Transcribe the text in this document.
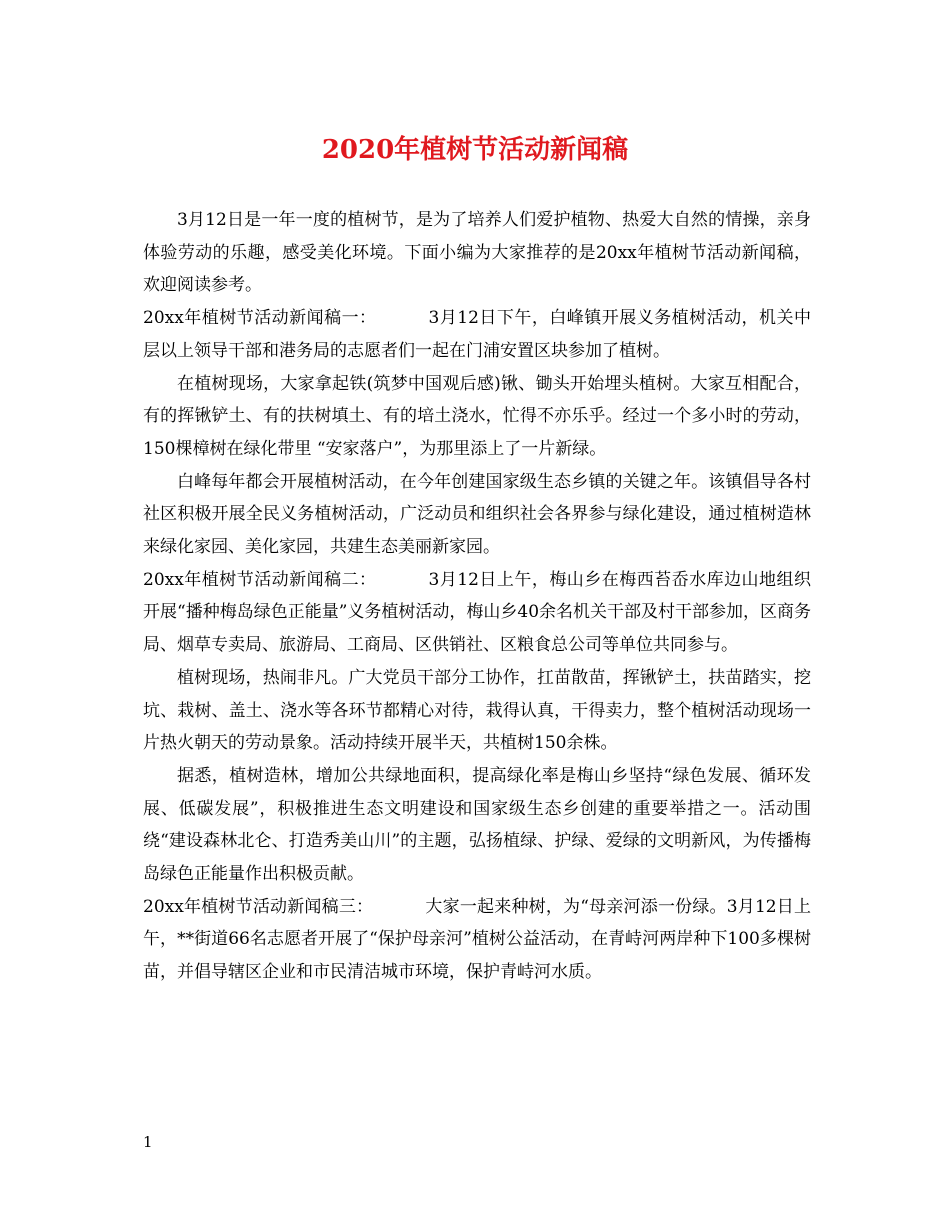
2020年植树节活动新闻稿

3月12日是一年一度的植树节，是为了培养人们爱护植物、热爱大自然的情操，亲身体验劳动的乐趣，感受美化环境。下面小编为大家推荐的是20xx年植树节活动新闻稿，欢迎阅读参考。

20xx年植树节活动新闻稿一：	3月12日下午，白峰镇开展义务植树活动，机关中层以上领导干部和港务局的志愿者们一起在门浦安置区块参加了植树。

在植树现场，大家拿起铁(筑梦中国观后感)锹、锄头开始埋头植树。大家互相配合，有的挥锹铲土、有的扶树填土、有的培土浇水，忙得不亦乐乎。经过一个多小时的劳动，150棵樟树在绿化带里 “安家落户”，为那里添上了一片新绿。

白峰每年都会开展植树活动，在今年创建国家级生态乡镇的关键之年。该镇倡导各村社区积极开展全民义务植树活动，广泛动员和组织社会各界参与绿化建设，通过植树造林来绿化家园、美化家园，共建生态美丽新家园。

20xx年植树节活动新闻稿二：	3月12日上午，梅山乡在梅西苔岙水库边山地组织开展“播种梅岛绿色正能量”义务植树活动，梅山乡40余名机关干部及村干部参加，区商务局、烟草专卖局、旅游局、工商局、区供销社、区粮食总公司等单位共同参与。

植树现场，热闹非凡。广大党员干部分工协作，扛苗散苗，挥锹铲土，扶苗踏实，挖坑、栽树、盖土、浇水等各环节都精心对待，栽得认真，干得卖力，整个植树活动现场一片热火朝天的劳动景象。活动持续开展半天，共植树150余株。

据悉，植树造林，增加公共绿地面积，提高绿化率是梅山乡坚持“绿色发展、循环发展、低碳发展”，积极推进生态文明建设和国家级生态乡创建的重要举措之一。活动围绕“建设森林北仑、打造秀美山川”的主题，弘扬植绿、护绿、爱绿的文明新风，为传播梅岛绿色正能量作出积极贡献。

20xx年植树节活动新闻稿三：	大家一起来种树，为“母亲河添一份绿。3月12日上午，**街道66名志愿者开展了“保护母亲河”植树公益活动，在青峙河两岸种下100多棵树苗，并倡导辖区企业和市民清洁城市环境，保护青峙河水质。

1
